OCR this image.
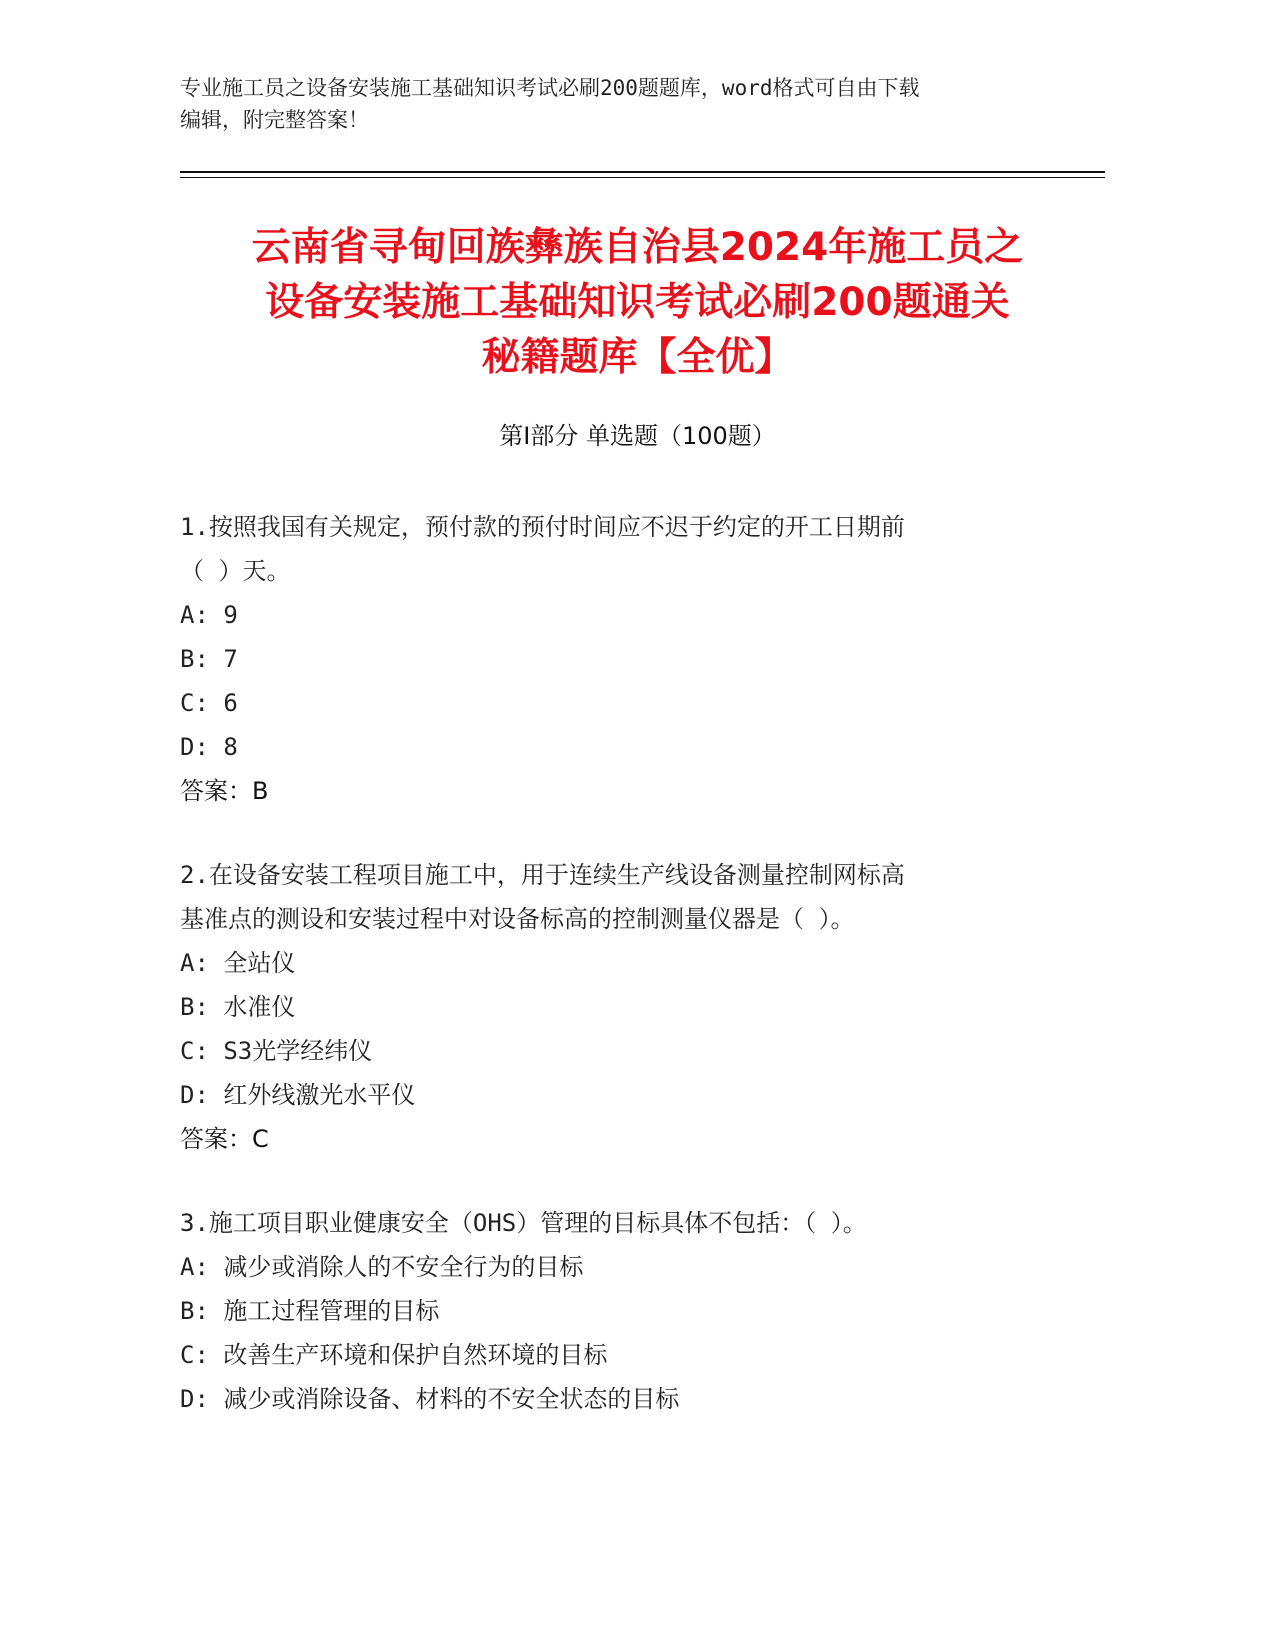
专业施工员之设备安装施工基础知识考试必刷200题题库，word格式可自由下载
编辑，附完整答案！
云南省寻甸回族彝族自治县2024年施工员之
设备安装施工基础知识考试必刷200题通关
秘籍题库【全优】
第Ⅰ部分 单选题（100题）
1.按照我国有关规定，预付款的预付时间应不迟于约定的开工日期前
（ ）天。
A: 9
B: 7
C: 6
D: 8
答案：B
2.在设备安装工程项目施工中，用于连续生产线设备测量控制网标高
基准点的测设和安装过程中对设备标高的控制测量仪器是（ ）。
A: 全站仪
B: 水准仪
C: S3光学经纬仪
D: 红外线激光水平仪
答案：C
3.施工项目职业健康安全（OHS）管理的目标具体不包括：（ ）。
A: 减少或消除人的不安全行为的目标
B: 施工过程管理的目标
C: 改善生产环境和保护自然环境的目标
D: 减少或消除设备、材料的不安全状态的目标
